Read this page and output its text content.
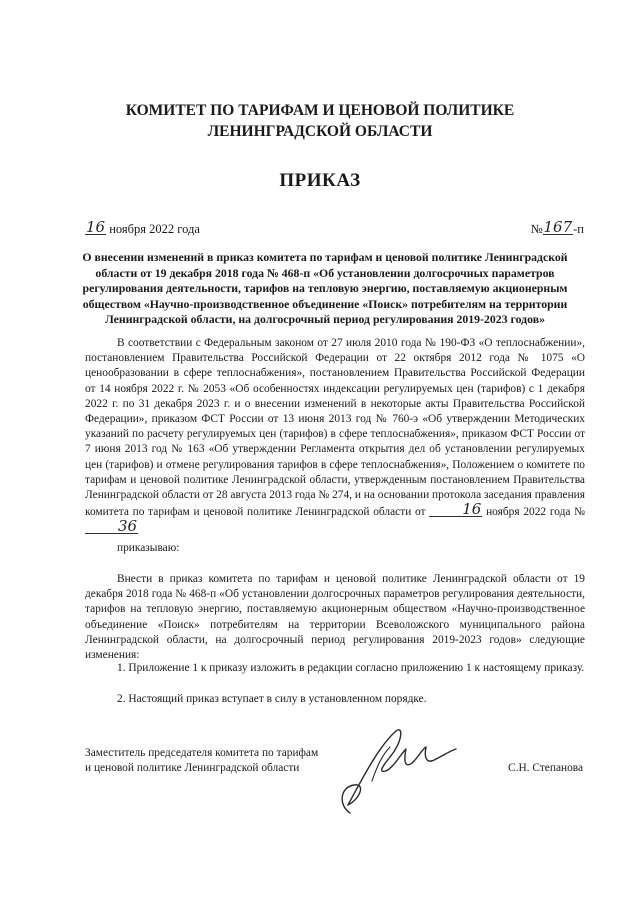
КОМИТЕТ ПО ТАРИФАМ И ЦЕНОВОЙ ПОЛИТИКЕ
ЛЕНИНГРАДСКОЙ ОБЛАСТИ
ПРИКАЗ
16 ноября 2022 года	№167-п
О внесении изменений в приказ комитета по тарифам и ценовой политике Ленинградской области от 19 декабря 2018 года № 468-п «Об установлении долгосрочных параметров регулирования деятельности, тарифов на тепловую энергию, поставляемую акционерным обществом «Научно-производственное объединение «Поиск» потребителям на территории Ленинградской области, на долгосрочный период регулирования 2019-2023 годов»
В соответствии с Федеральным законом от 27 июля 2010 года № 190-ФЗ «О теплоснабжении», постановлением Правительства Российской Федерации от 22 октября 2012 года № 1075 «О ценообразовании в сфере теплоснабжения», постановлением Правительства Российской Федерации от 14 ноября 2022 г. № 2053 «Об особенностях индексации регулируемых цен (тарифов) с 1 декабря 2022 г. по 31 декабря 2023 г. и о внесении изменений в некоторые акты Правительства Российской Федерации», приказом ФСТ России от 13 июня 2013 год № 760-э «Об утверждении Методических указаний по расчету регулируемых цен (тарифов) в сфере теплоснабжения», приказом ФСТ России от 7 июня 2013 год № 163 «Об утверждении Регламента открытия дел об установлении регулируемых цен (тарифов) и отмене регулирования тарифов в сфере теплоснабжения», Положением о комитете по тарифам и ценовой политике Ленинградской области, утвержденным постановлением Правительства Ленинградской области от 28 августа 2013 года № 274, и на основании протокола заседания правления комитета по тарифам и ценовой политике Ленинградской области от 16 ноября 2022 года №36
приказываю:
Внести в приказ комитета по тарифам и ценовой политике Ленинградской области от 19 декабря 2018 года № 468-п «Об установлении долгосрочных параметров регулирования деятельности, тарифов на тепловую энергию, поставляемую акционерным обществом «Научно-производственное объединение «Поиск» потребителям на территории Всеволожского муниципального района Ленинградской области, на долгосрочный период регулирования 2019-2023 годов» следующие изменения:
1. Приложение 1 к приказу изложить в редакции согласно приложению 1 к настоящему приказу.
2. Настоящий приказ вступает в силу в установленном порядке.
Заместитель председателя комитета по тарифам
и ценовой политике Ленинградской области	С.Н. Степанова
